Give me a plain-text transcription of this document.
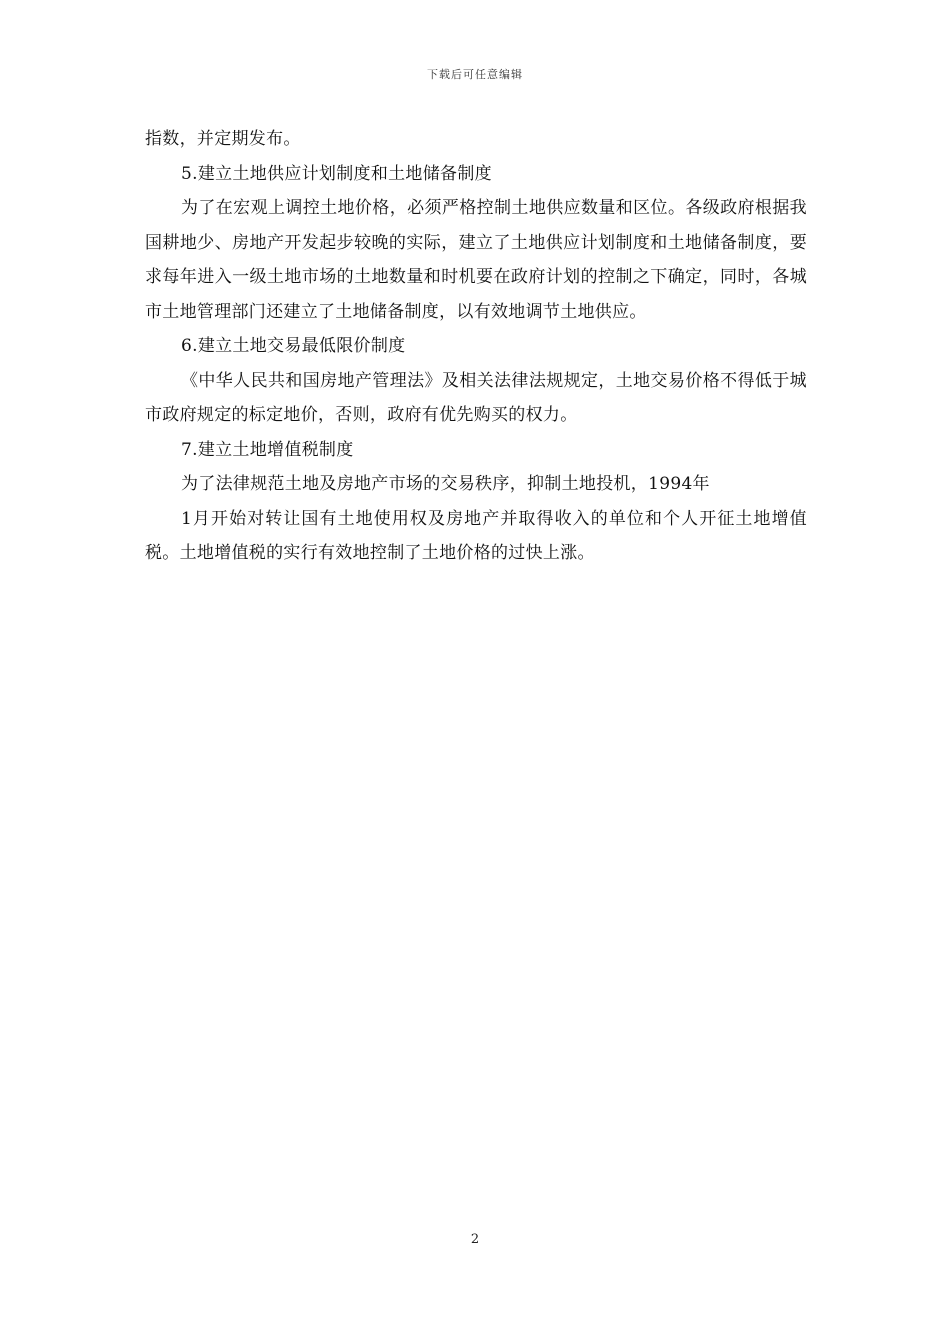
下载后可任意编辑

指数，并定期发布。

5.建立土地供应计划制度和土地储备制度

为了在宏观上调控土地价格，必须严格控制土地供应数量和区位。各级政府根据我国耕地少、房地产开发起步较晚的实际，建立了土地供应计划制度和土地储备制度，要求每年进入一级土地市场的土地数量和时机要在政府计划的控制之下确定，同时，各城市土地管理部门还建立了土地储备制度，以有效地调节土地供应。

6.建立土地交易最低限价制度

《中华人民共和国房地产管理法》及相关法律法规规定，土地交易价格不得低于城市政府规定的标定地价，否则，政府有优先购买的权力。

7.建立土地增值税制度

为了法律规范土地及房地产市场的交易秩序，抑制土地投机，1994年

1月开始对转让国有土地使用权及房地产并取得收入的单位和个人开征土地增值税。土地增值税的实行有效地控制了土地价格的过快上涨。

2
